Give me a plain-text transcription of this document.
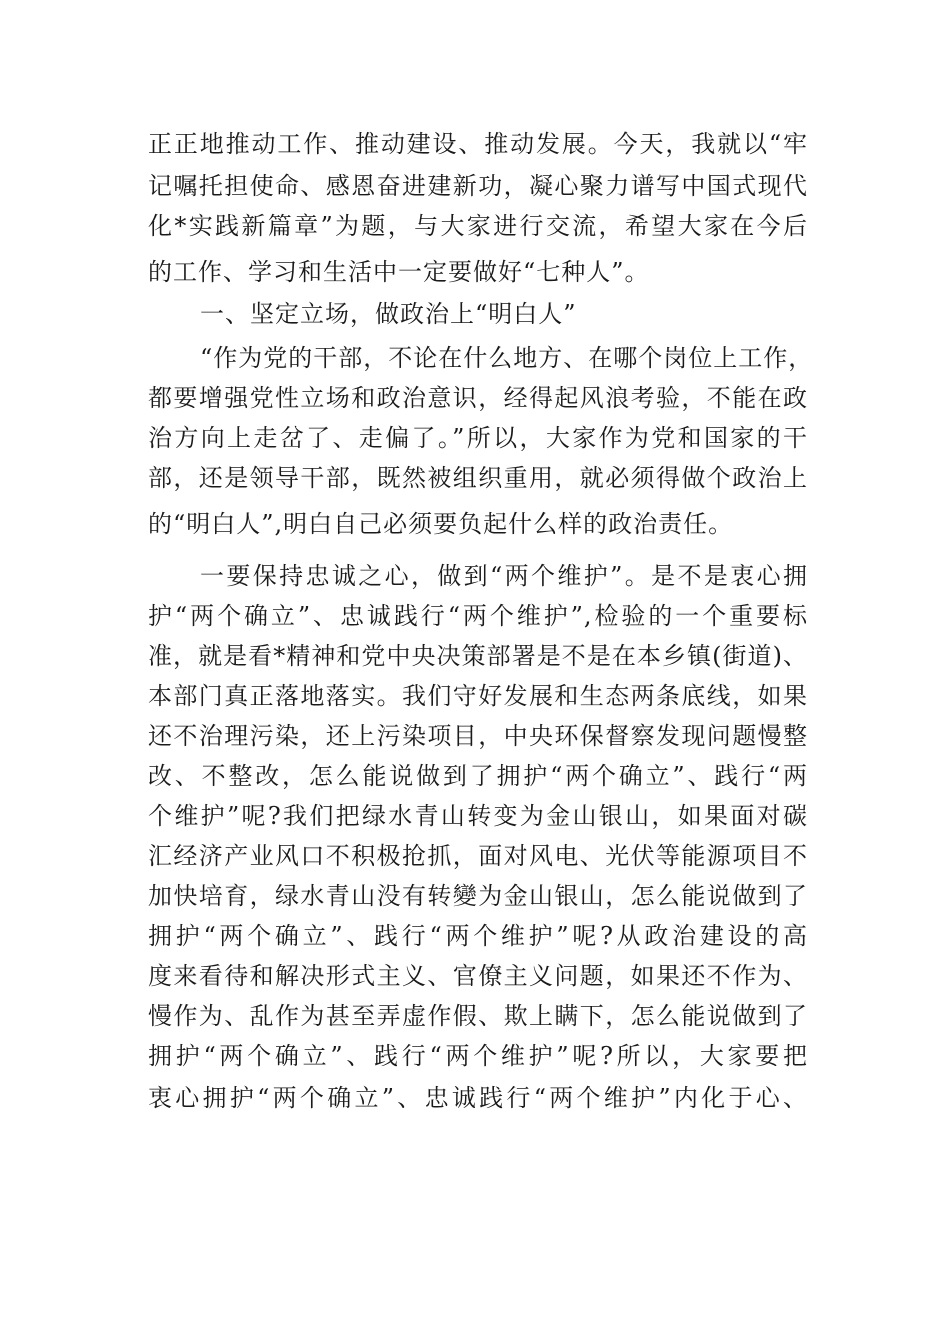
正正地推动工作、推动建设、推动发展。今天，我就以“牢
记嘱托担使命、感恩奋进建新功，凝心聚力谱写中国式现代
化*实践新篇章”为题，与大家进行交流，希望大家在今后
的工作、学习和生活中一定要做好“七种人”。
一、坚定立场，做政治上“明白人”
“作为党的干部，不论在什么地方、在哪个岗位上工作，
都要增强党性立场和政治意识，经得起风浪考验，不能在政
治方向上走岔了、走偏了。”所以，大家作为党和国家的干
部，还是领导干部，既然被组织重用，就必须得做个政治上
的“明白人”,明白自己必须要负起什么样的政治责任。
一要保持忠诚之心，做到“两个维护”。是不是衷心拥
护“两个确立”、忠诚践行“两个维护”,检验的一个重要标
准，就是看*精神和党中央决策部署是不是在本乡镇(街道)、
本部门真正落地落实。我们守好发展和生态两条底线，如果
还不治理污染，还上污染项目，中央环保督察发现问题慢整
改、不整改，怎么能说做到了拥护“两个确立”、践行“两
个维护”呢?我们把绿水青山转变为金山银山，如果面对碳
汇经济产业风口不积极抢抓，面对风电、光伏等能源项目不
加快培育，绿水青山没有转變为金山银山，怎么能说做到了
拥护“两个确立”、践行“两个维护”呢?从政治建设的高
度来看待和解决形式主义、官僚主义问题，如果还不作为、
慢作为、乱作为甚至弄虚作假、欺上瞒下，怎么能说做到了
拥护“两个确立”、践行“两个维护”呢?所以，大家要把
衷心拥护“两个确立”、忠诚践行“两个维护”内化于心、
